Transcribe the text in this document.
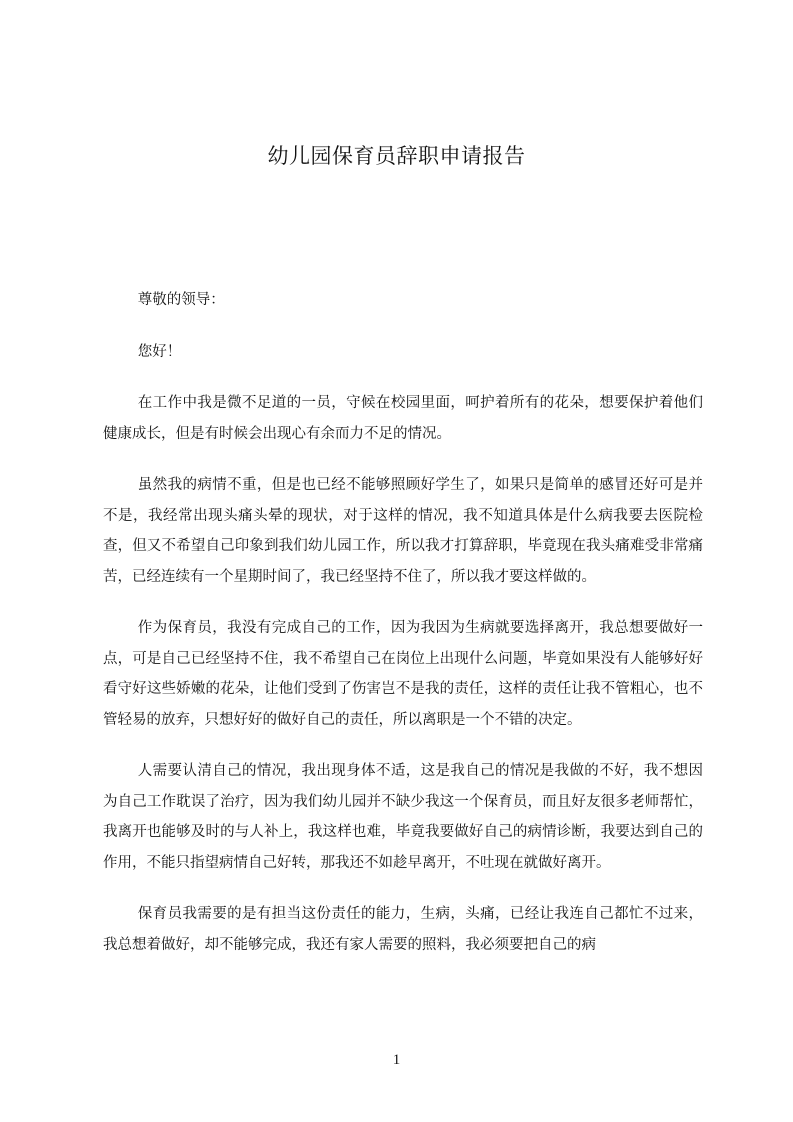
幼儿园保育员辞职申请报告

尊敬的领导：

您好！

在工作中我是微不足道的一员，守候在校园里面，呵护着所有的花朵，想要保护着他们健康成长，但是有时候会出现心有余而力不足的情况。

虽然我的病情不重，但是也已经不能够照顾好学生了，如果只是简单的感冒还好可是并不是，我经常出现头痛头晕的现状，对于这样的情况，我不知道具体是什么病我要去医院检查，但又不希望自己印象到我们幼儿园工作，所以我才打算辞职，毕竟现在我头痛难受非常痛苦，已经连续有一个星期时间了，我已经坚持不住了，所以我才要这样做的。

作为保育员，我没有完成自己的工作，因为我因为生病就要选择离开，我总想要做好一点，可是自己已经坚持不住，我不希望自己在岗位上出现什么问题，毕竟如果没有人能够好好看守好这些娇嫩的花朵，让他们受到了伤害岂不是我的责任，这样的责任让我不管粗心，也不管轻易的放弃，只想好好的做好自己的责任，所以离职是一个不错的决定。

人需要认清自己的情况，我出现身体不适，这是我自己的情况是我做的不好，我不想因为自己工作耽误了治疗，因为我们幼儿园并不缺少我这一个保育员，而且好友很多老师帮忙，我离开也能够及时的与人补上，我这样也难，毕竟我要做好自己的病情诊断，我要达到自己的作用，不能只指望病情自己好转，那我还不如趁早离开，不吐现在就做好离开。

保育员我需要的是有担当这份责任的能力，生病，头痛，已经让我连自己都忙不过来，我总想着做好，却不能够完成，我还有家人需要的照料，我必须要把自己的病

1
